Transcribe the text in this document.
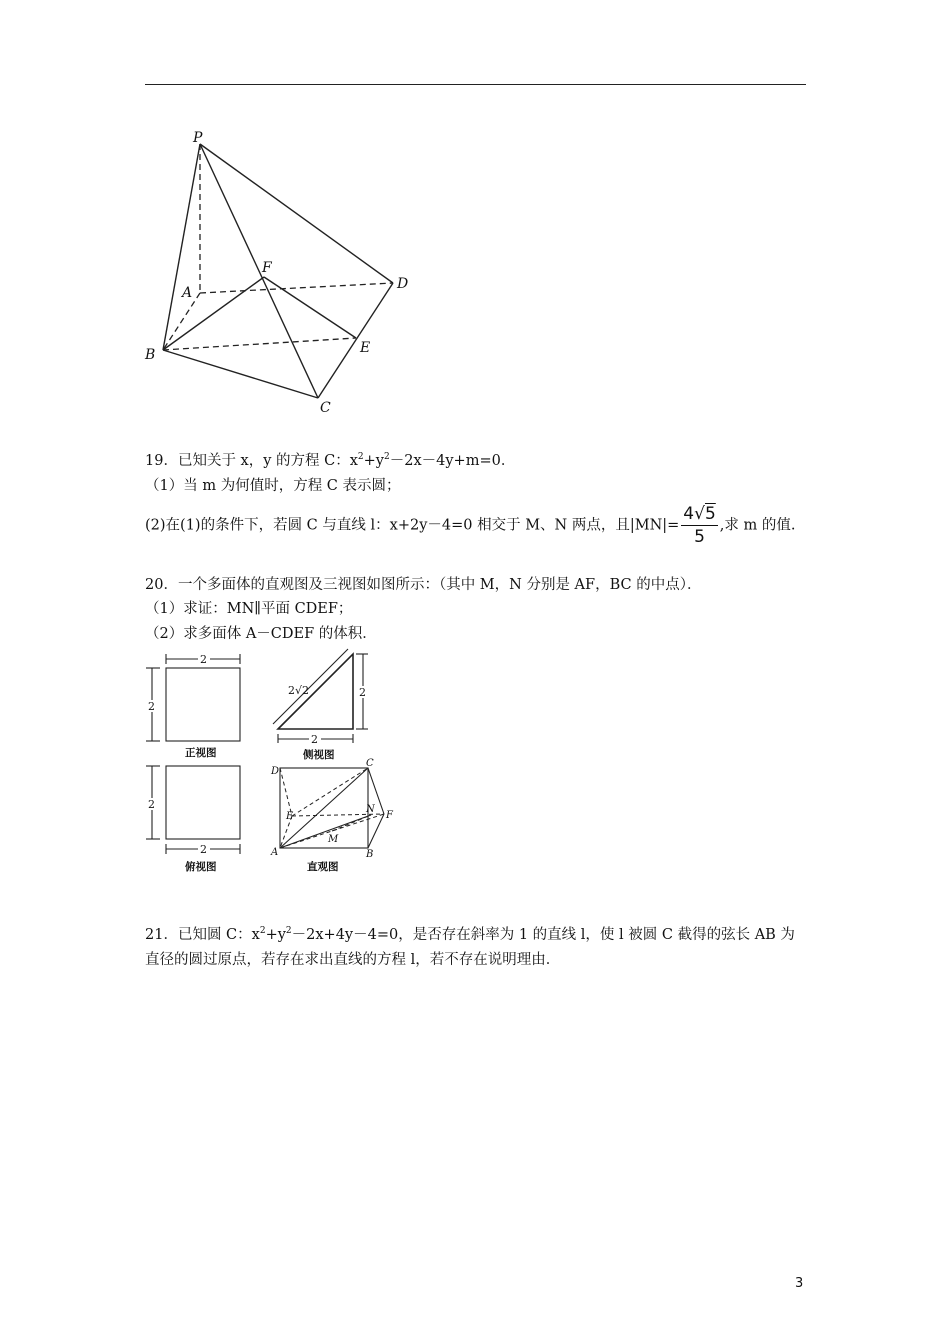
P
A
B
C
D
E
F
19．已知关于 x，y 的方程 C：$x^2+y^2-2x-4y+m=0$．
（1）当 m 为何值时，方程 C 表示圆；
(2)在(1)的条件下，若圆 C 与直线 l：x+2y－4=0 相交于 M、N 两点，且$|MN|= \frac{4√5}{5}$ ,求 m 的值.
20．一个多面体的直观图及三视图如图所示：（其中 M，N 分别是 AF，BC 的中点）．
（1）求证：MN∥平面 CDEF；
（2）求多面体 A－CDEF 的体积．
2
2
2
2
2√2
2
2
D
C
E
N
F
M
A	B
正视图	侧视图
俯视图	直观图
21．已知圆 C：$x^2+y^2-2x+4y-4=0$，是否存在斜率为 1 的直线 l，使 l 被圆 C 截得的弦长 AB 为
直径的圆过原点，若存在求出直线的方程 l，若不存在说明理由．
3
